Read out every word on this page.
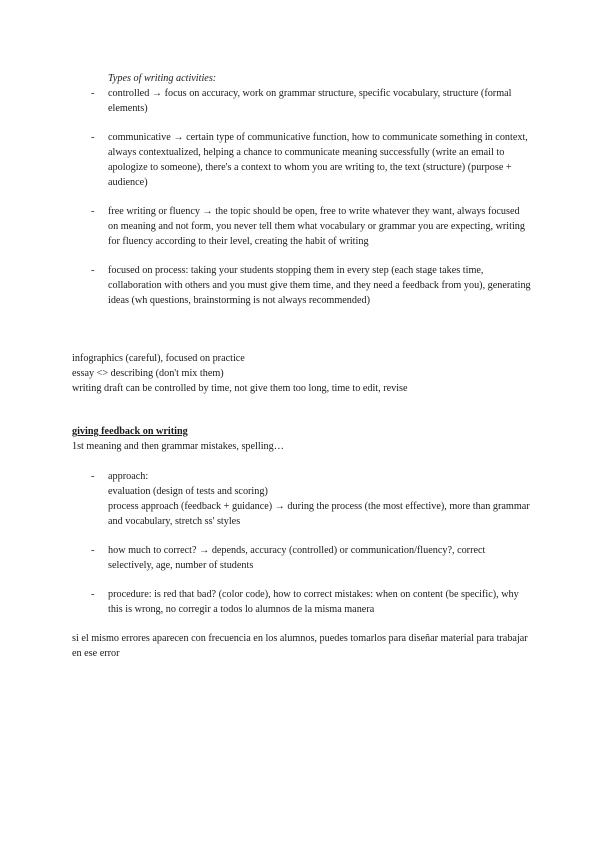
Types of writing activities:
- controlled → focus on accuracy, work on grammar structure, specific vocabulary, structure (formal elements)
- communicative → certain type of communicative function, how to communicate something in context, always contextualized, helping a chance to communicate meaning successfully (write an email to apologize to someone), there's a context to whom you are writing to, the text (structure) (purpose + audience)
- free writing or fluency → the topic should be open, free to write whatever they want, always focused on meaning and not form, you never tell them what vocabulary or grammar you are expecting, writing for fluency according to their level, creating the habit of writing
- focused on process: taking your students stopping them in every step (each stage takes time, collaboration with others and you must give them time, and they need a feedback from you), generating ideas (wh questions, brainstorming is not always recommended)

infographics (careful), focused on practice

essay <> describing (don't mix them)

writing draft can be controlled by time, not give them too long, time to edit, revise

giving feedback on writing

1st meaning and then grammar mistakes, spelling…

- approach:

evaluation (design of tests and scoring)

process approach (feedback + guidance) → during the process (the most effective), more than grammar and vocabulary, stretch ss' styles

- how much to correct? → depends, accuracy (controlled) or communication/fluency?, correct selectively, age, number of students

- procedure: is red that bad? (color code), how to correct mistakes: when on content (be specific), why this is wrong, no corregir a todos lo alumnos de la misma manera

si el mismo errores aparecen con frecuencia en los alumnos, puedes tomarlos para diseñar material para trabajar en ese error
